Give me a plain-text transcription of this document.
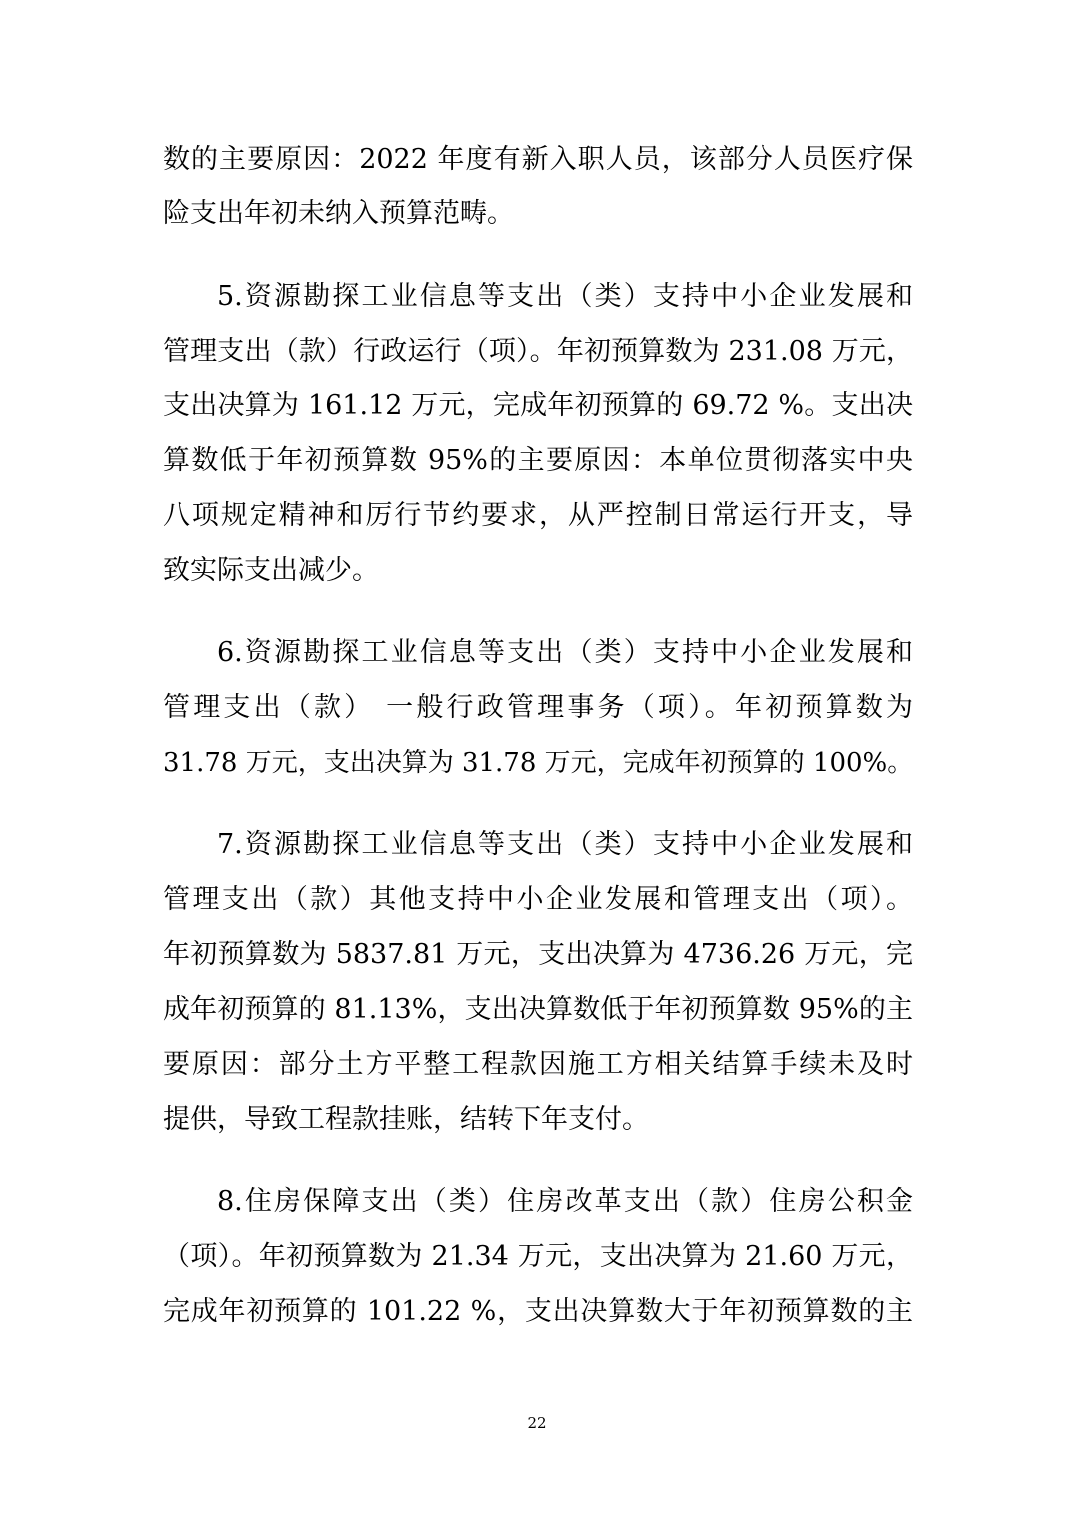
数的主要原因：2022 年度有新入职人员，该部分人员医疗保
险支出年初未纳入预算范畴。
5.资源勘探工业信息等支出（类）支持中小企业发展和
管理支出（款）行政运行（项）。年初预算数为 231.08 万元，
支出决算为 161.12 万元，完成年初预算的 69.72 %。支出决
算数低于年初预算数 95%的主要原因：本单位贯彻落实中央
八项规定精神和厉行节约要求，从严控制日常运行开支，导
致实际支出减少。
6.资源勘探工业信息等支出（类）支持中小企业发展和
管理支出（款） 一般行政管理事务（项）。年初预算数为
31.78 万元，支出决算为 31.78 万元，完成年初预算的 100%。
7.资源勘探工业信息等支出（类）支持中小企业发展和
管理支出（款）其他支持中小企业发展和管理支出（项）。
年初预算数为 5837.81 万元，支出决算为 4736.26 万元，完
成年初预算的 81.13%，支出决算数低于年初预算数 95%的主
要原因：部分土方平整工程款因施工方相关结算手续未及时
提供，导致工程款挂账，结转下年支付。
8.住房保障支出（类）住房改革支出（款）住房公积金
（项）。年初预算数为 21.34 万元，支出决算为 21.60 万元，
完成年初预算的 101.22 %，支出决算数大于年初预算数的主
22
